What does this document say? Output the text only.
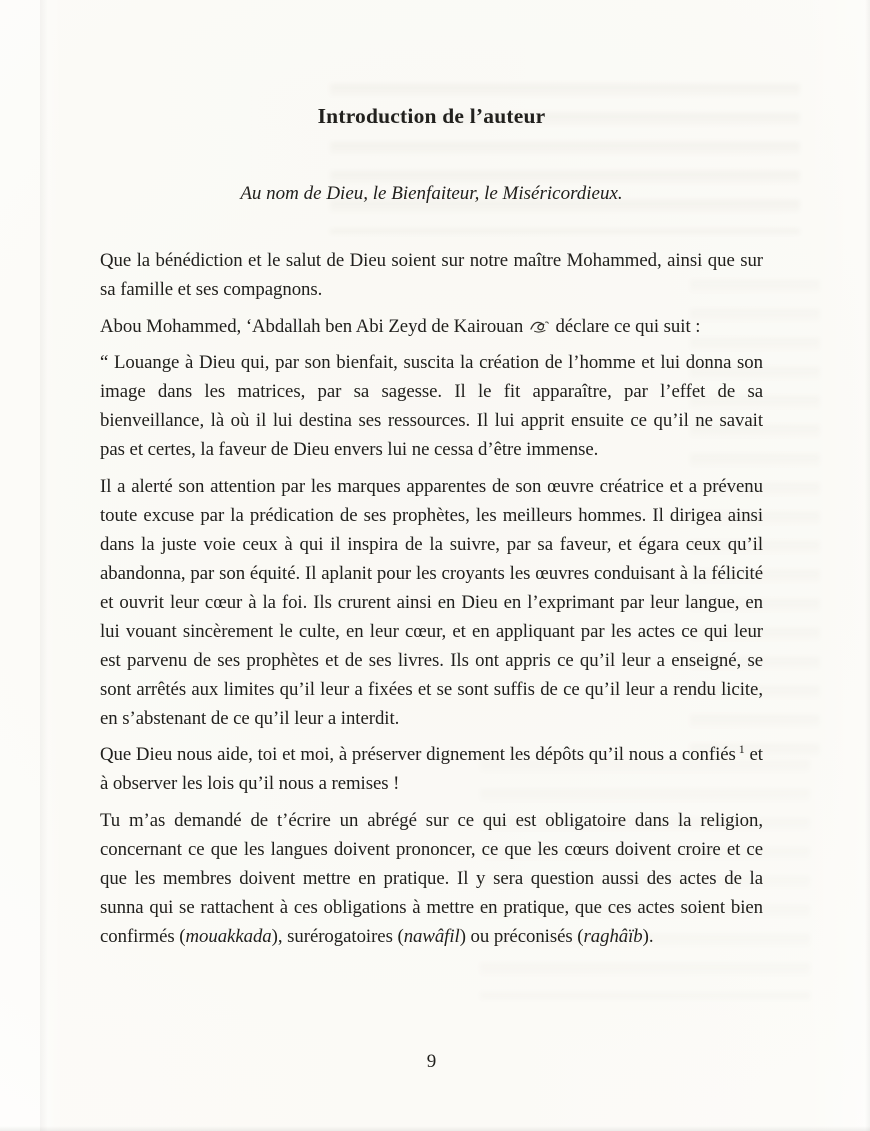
Introduction de l’auteur
Au nom de Dieu, le Bienfaiteur, le Miséricordieux.

Que la bénédiction et le salut de Dieu soient sur notre maître Mohammed, ainsi que sur sa famille et ses compagnons.

Abou Mohammed, ‘Abdallah ben Abi Zeyd de Kairouan
déclare ce qui suit :

“ Louange à Dieu qui, par son bienfait, suscita la création de l’homme et lui donna son image dans les matrices, par sa sagesse. Il le fit apparaître, par l’effet de sa bienveillance, là où il lui destina ses ressources. Il lui apprit ensuite ce qu’il ne savait pas et certes, la faveur de Dieu envers lui ne cessa d’être immense.

Il a alerté son attention par les marques apparentes de son œuvre créatrice et a prévenu toute excuse par la prédication de ses prophètes, les meilleurs hommes. Il dirigea ainsi dans la juste voie ceux à qui il inspira de la suivre, par sa faveur, et égara ceux qu’il abandonna, par son équité. Il aplanit pour les croyants les œuvres conduisant à la félicité et ouvrit leur cœur à la foi. Ils crurent ainsi en Dieu en l’exprimant par leur langue, en lui vouant sincèrement le culte, en leur cœur, et en appliquant par les actes ce qui leur est parvenu de ses prophètes et de ses livres. Ils ont appris ce qu’il leur a enseigné, se sont arrêtés aux limites qu’il leur a fixées et se sont suffis de ce qu’il leur a rendu licite, en s’abstenant de ce qu’il leur a interdit.

Que Dieu nous aide, toi et moi, à préserver dignement les dépôts qu’il nous a confiés $^1$ et à observer les lois qu’il nous a remises !

Tu m’as demandé de t’écrire un abrégé sur ce qui est obligatoire dans la religion, concernant ce que les langues doivent prononcer, ce que les cœurs doivent croire et ce que les membres doivent mettre en pratique. Il y sera question aussi des actes de la sunna qui se rattachent à ces obligations à mettre en pratique, que ces actes soient bien confirmés (mouakkada), surérogatoires (nawâfil) ou préconisés (raghâïb).

9
